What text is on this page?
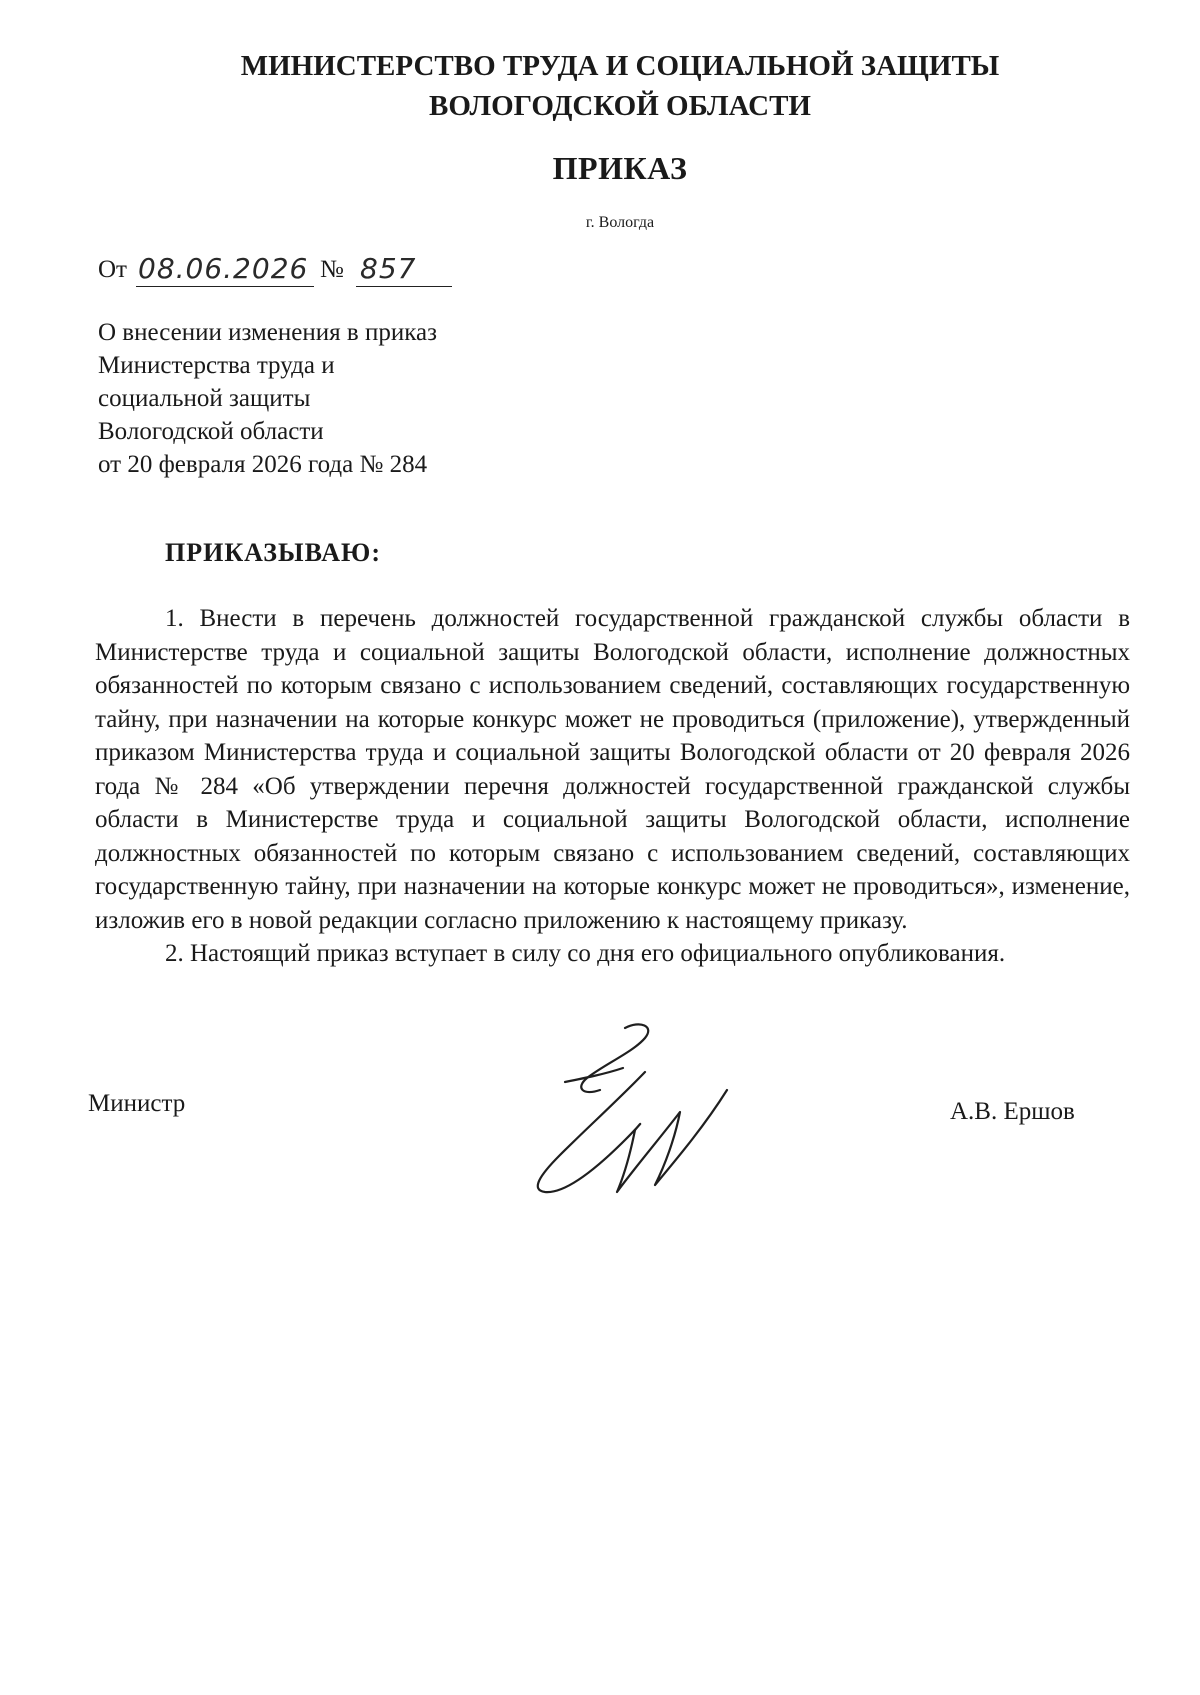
МИНИСТЕРСТВО ТРУДА И СОЦИАЛЬНОЙ ЗАЩИТЫ
ВОЛОГОДСКОЙ ОБЛАСТИ
ПРИКАЗ
г. Вологда
От 08.06.2026 № 857
О внесении изменения в приказ
Министерства труда и
социальной защиты
Вологодской области
от 20 февраля 2026 года № 284
ПРИКАЗЫВАЮ:

1. Внести в перечень должностей государственной гражданской службы области в Министерстве труда и социальной защиты Вологодской области, исполнение должностных обязанностей по которым связано с использованием сведений, составляющих государственную тайну, при назначении на которые конкурс может не проводиться (приложение), утвержденный приказом Министерства труда и социальной защиты Вологодской области от 20 февраля 2026 года № 284 «Об утверждении перечня должностей государственной гражданской службы области в Министерстве труда и социальной защиты Вологодской области, исполнение должностных обязанностей по которым связано с использованием сведений, составляющих государственную тайну, при назначении на которые конкурс может не проводиться», изменение, изложив его в новой редакции согласно приложению к настоящему приказу.

2. Настоящий приказ вступает в силу со дня его официального опубликования.

Министр	А.В. Ершов
